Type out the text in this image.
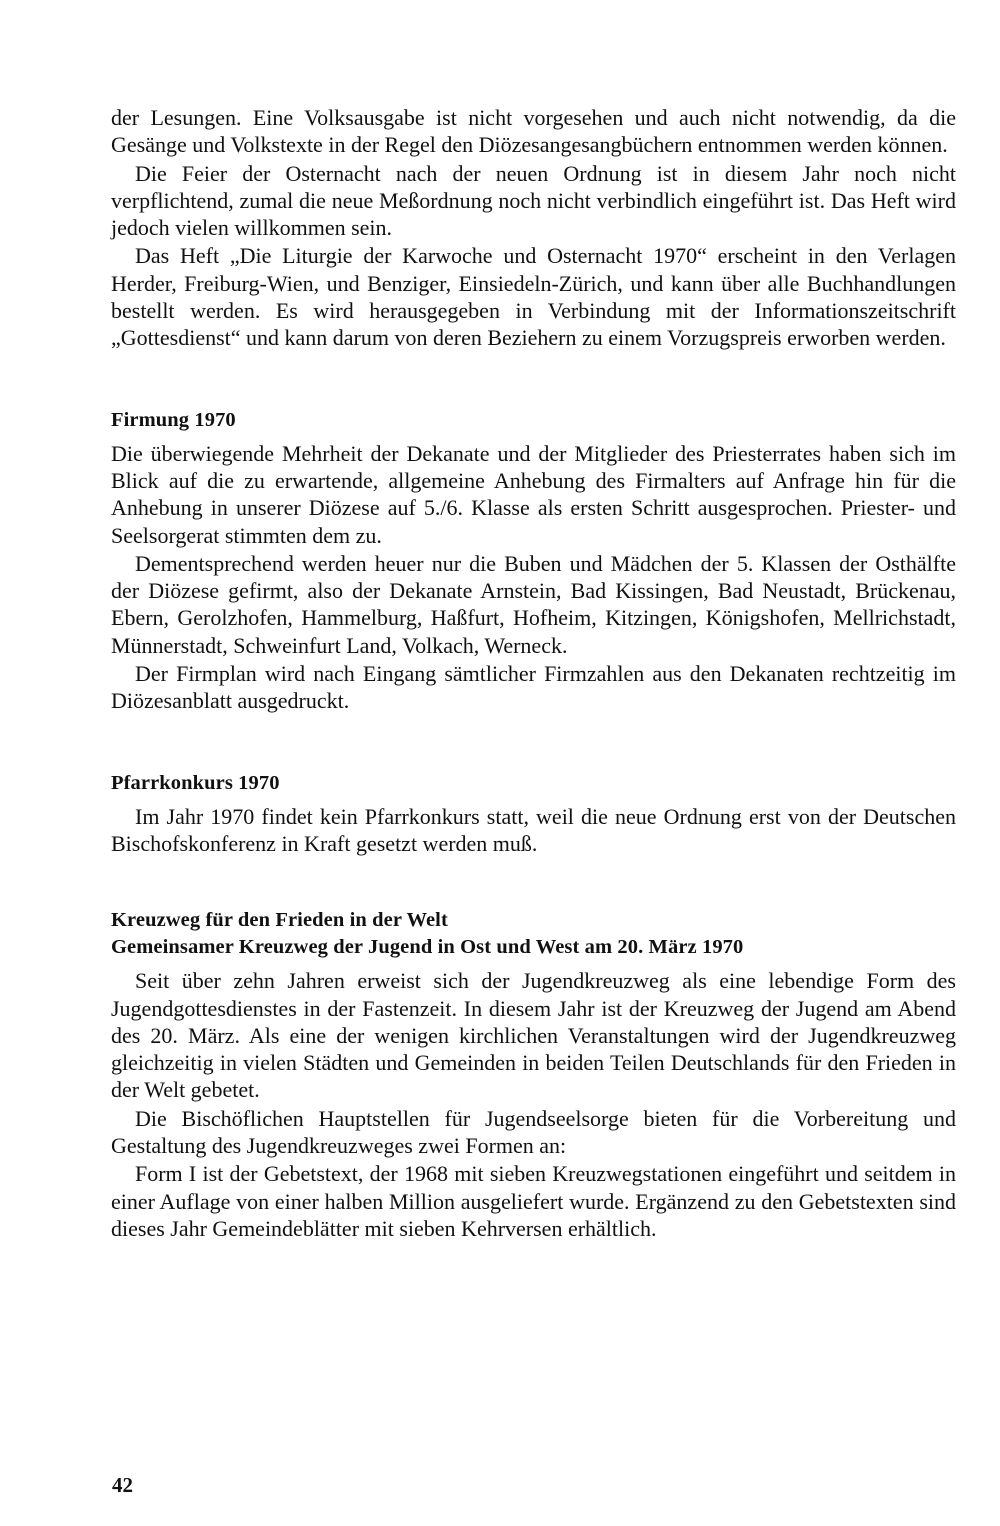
der Lesungen. Eine Volksausgabe ist nicht vorgesehen und auch nicht notwendig, da die Gesänge und Volkstexte in der Regel den Diözesangesangbüchern entnommen werden können.

Die Feier der Osternacht nach der neuen Ordnung ist in diesem Jahr noch nicht verpflichtend, zumal die neue Meßordnung noch nicht verbindlich eingeführt ist. Das Heft wird jedoch vielen willkommen sein.

Das Heft „Die Liturgie der Karwoche und Osternacht 1970“ erscheint in den Verlagen Herder, Freiburg-Wien, und Benziger, Einsiedeln-Zürich, und kann über alle Buchhandlungen bestellt werden. Es wird herausgegeben in Verbindung mit der Informationszeitschrift „Gottesdienst“ und kann darum von deren Beziehern zu einem Vorzugspreis erworben werden.

Firmung 1970

Die überwiegende Mehrheit der Dekanate und der Mitglieder des Priesterrates haben sich im Blick auf die zu erwartende, allgemeine Anhebung des Firmalters auf Anfrage hin für die Anhebung in unserer Diözese auf 5./6. Klasse als ersten Schritt ausgesprochen. Priester- und Seelsorgerat stimmten dem zu.

Dementsprechend werden heuer nur die Buben und Mädchen der 5. Klassen der Osthälfte der Diözese gefirmt, also der Dekanate Arnstein, Bad Kissingen, Bad Neustadt, Brückenau, Ebern, Gerolzhofen, Hammelburg, Haßfurt, Hofheim, Kitzingen, Königshofen, Mellrichstadt, Münnerstadt, Schweinfurt Land, Volkach, Werneck.

Der Firmplan wird nach Eingang sämtlicher Firmzahlen aus den Dekanaten rechtzeitig im Diözesanblatt ausgedruckt.

Pfarrkonkurs 1970

Im Jahr 1970 findet kein Pfarrkonkurs statt, weil die neue Ordnung erst von der Deutschen Bischofskonferenz in Kraft gesetzt werden muß.

Kreuzweg für den Frieden in der Welt
Gemeinsamer Kreuzweg der Jugend in Ost und West am 20. März 1970

Seit über zehn Jahren erweist sich der Jugendkreuzweg als eine lebendige Form des Jugendgottesdienstes in der Fastenzeit. In diesem Jahr ist der Kreuzweg der Jugend am Abend des 20. März. Als eine der wenigen kirchlichen Veranstaltungen wird der Jugendkreuzweg gleichzeitig in vielen Städten und Gemeinden in beiden Teilen Deutschlands für den Frieden in der Welt gebetet.

Die Bischöflichen Hauptstellen für Jugendseelsorge bieten für die Vorbereitung und Gestaltung des Jugendkreuzweges zwei Formen an:

Form I ist der Gebetstext, der 1968 mit sieben Kreuzwegstationen eingeführt und seitdem in einer Auflage von einer halben Million ausgeliefert wurde. Ergänzend zu den Gebetstexten sind dieses Jahr Gemeindeblätter mit sieben Kehrversen erhältlich.

42
